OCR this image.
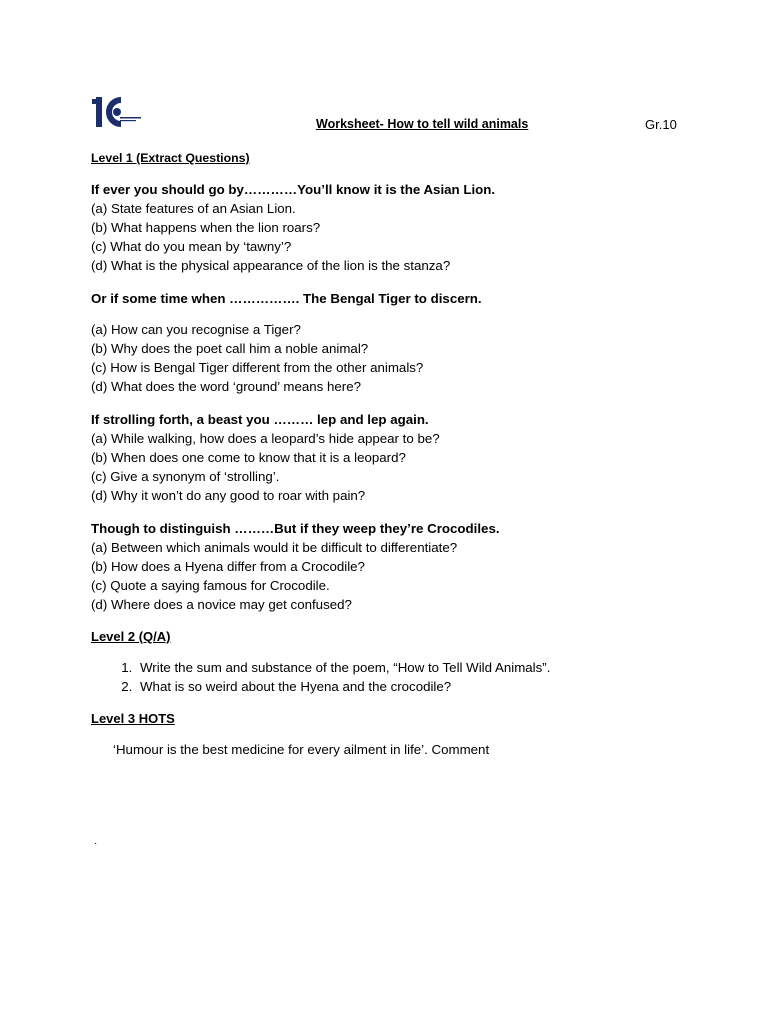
Worksheet- How to tell wild animals	Gr.10
Level 1 (Extract Questions)
If ever you should go by…………You’ll know it is the Asian Lion.
(a) State features of an Asian Lion.
(b) What happens when the lion roars?
(c) What do you mean by ‘tawny’?
(d) What is the physical appearance of the lion is the stanza?
Or if some time when ……………. The Bengal Tiger to discern.
(a) How can you recognise a Tiger?
(b) Why does the poet call him a noble animal?
(c) How is Bengal Tiger different from the other animals?
(d) What does the word ‘ground’ means here?
If strolling forth, a beast you ……… lep and lep again.
(a) While walking, how does a leopard’s hide appear to be?
(b) When does one come to know that it is a leopard?
(c) Give a synonym of ‘strolling’.
(d) Why it won’t do any good to roar with pain?
Though to distinguish ………But if they weep they’re Crocodiles.
(a) Between which animals would it be difficult to differentiate?
(b) How does a Hyena differ from a Crocodile?
(c) Quote a saying famous for Crocodile.
(d) Where does a novice may get confused?
Level 2 (Q/A)
1. Write the sum and substance of the poem, “How to Tell Wild Animals”.
2. What is so weird about the Hyena and the crocodile?
Level 3 HOTS
‘Humour is the best medicine for every ailment in life’. Comment
·
